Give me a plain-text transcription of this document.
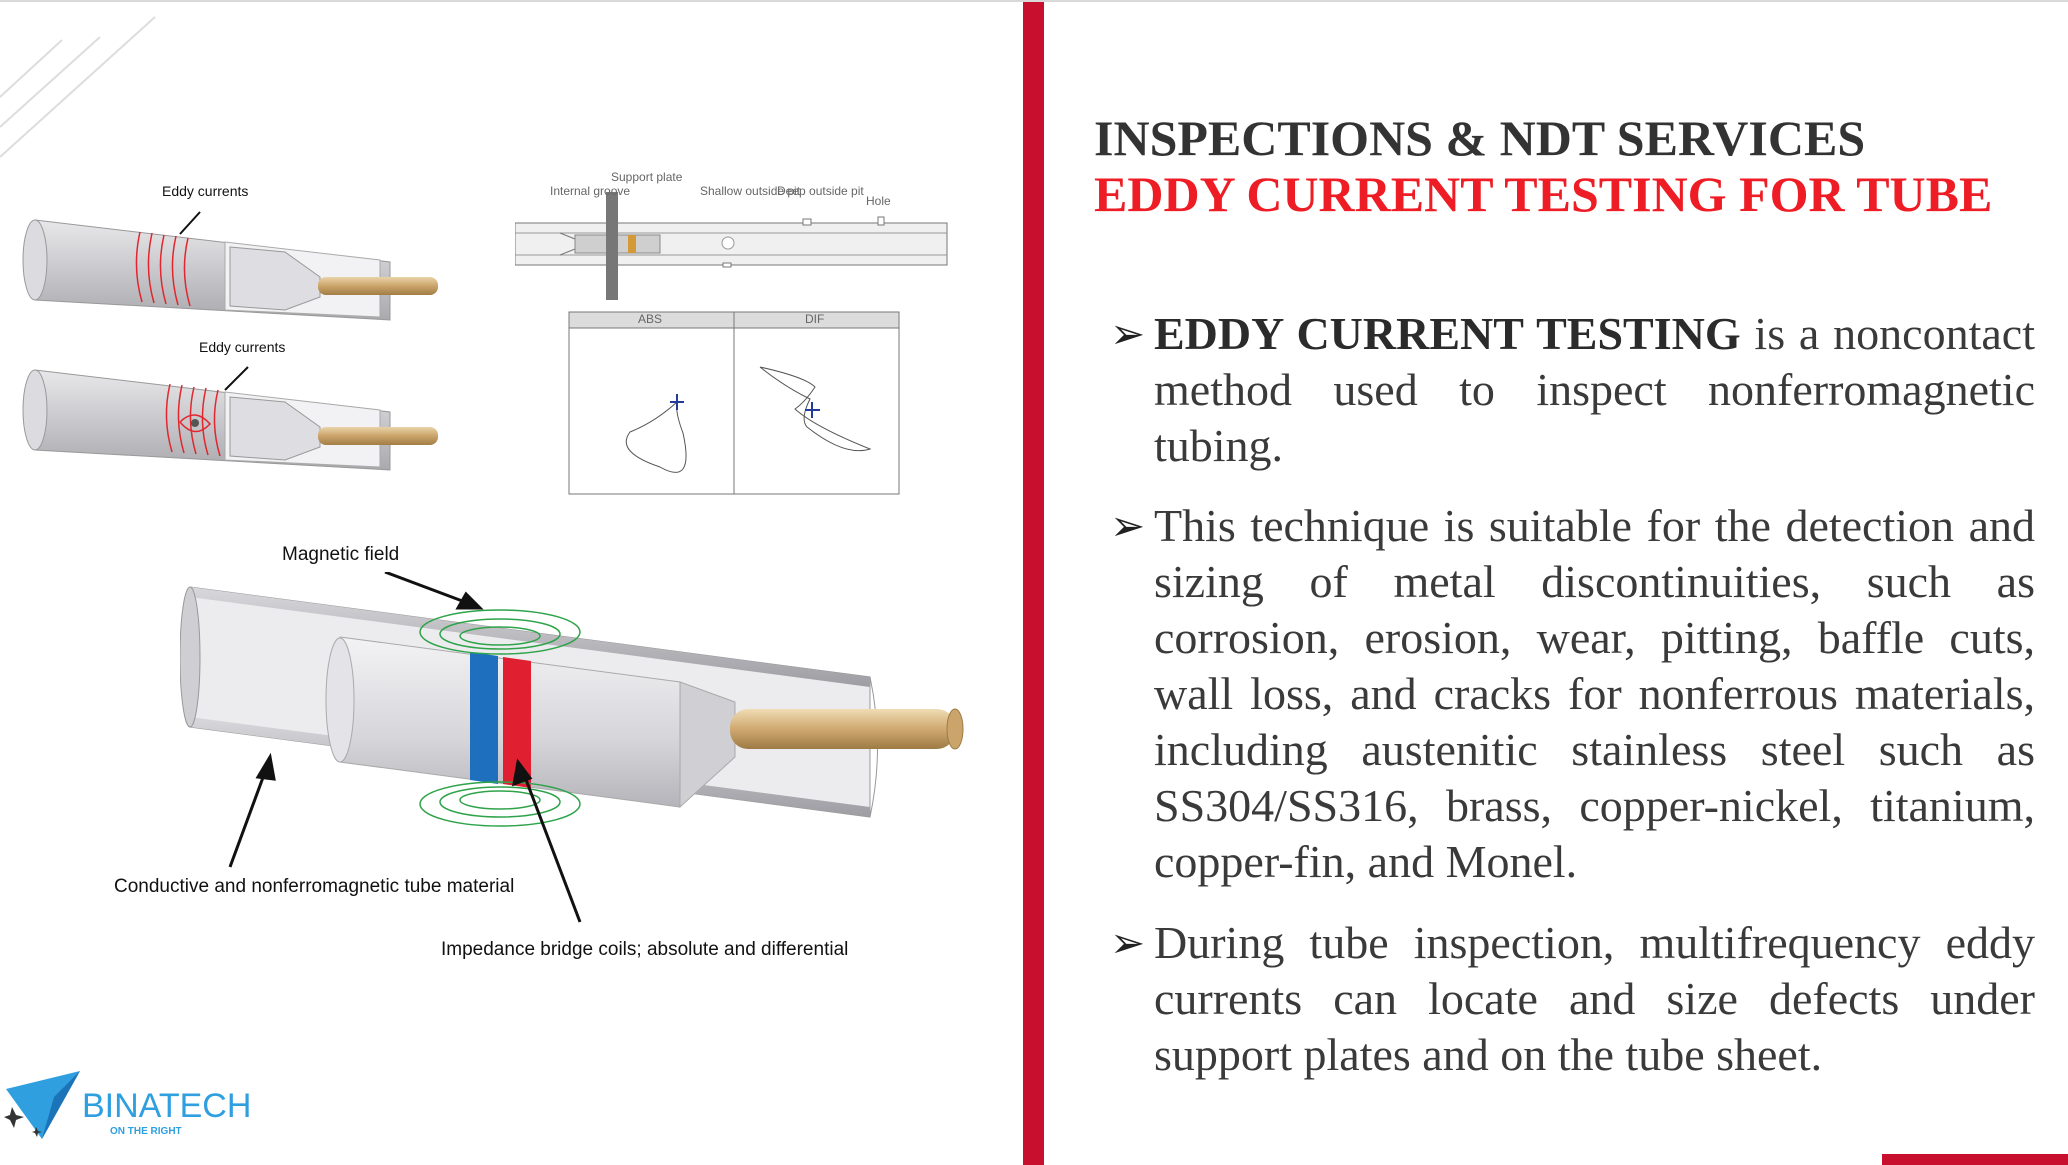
Eddy currents
Eddy currents
Internal groove
Support plate
Shallow outside pit
Deep outside pit
Hole
ABS	DIF
Magnetic field
Conductive and nonferromagnetic tube material
Impedance bridge coils; absolute and differential
BINATECH
ON THE RIGHT
INSPECTIONS & NDT SERVICES
EDDY CURRENT TESTING FOR TUBE
➢ EDDY CURRENT TESTING is a noncontact method used to inspect nonferromagnetic tubing.
➢ This technique is suitable for the detection and sizing of metal discontinuities, such as corrosion, erosion, wear, pitting, baffle cuts, wall loss, and cracks for nonferrous materials, including austenitic stainless steel such as SS304/SS316, brass, copper-nickel, titanium, copper-fin, and Monel.
➢ During tube inspection, multifrequency eddy currents can locate and size defects under support plates and on the tube sheet.
